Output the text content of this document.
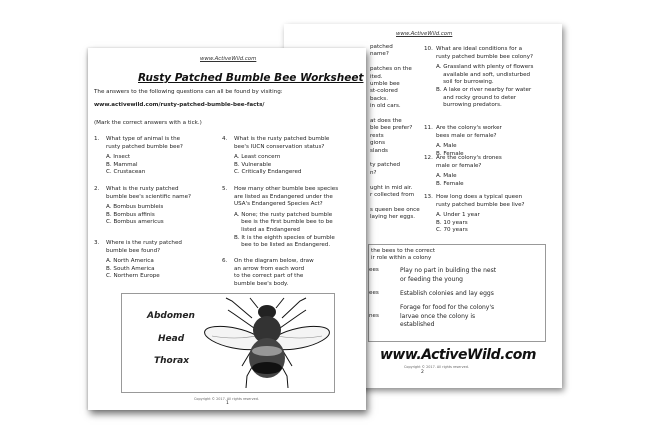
www.ActiveWild.com
patched
name?
patches on the
ited.
umble bee
st-colored
backs.
in old cars.
at does the
ble bee prefer?
rests
gions
slands
ty patched
n?
ught in mid air.
r collected from
s queen bee once
laying her eggs.
10. What are ideal conditions for a
rusty patched bumble bee colony?
A. Grassland with plenty of flowers
available and soft, undisturbed
soil for burrowing.
B. A lake or river nearby for water
and rocky ground to deter
burrowing predators.
11. Are the colony's worker
bees male or female?
A. Male
B. Female
12. Are the colony's drones
male or female?
A. Male
B. Female
13. How long does a typical queen
rusty patched bumble bee live?
A. Under 1 year
B. 10 years
C. 70 years
the bees to the correct
ir role within a colony
ees
ees
nes
Play no part in building the nest
or feeding the young
Establish colonies and lay eggs
Forage for food for the colony's
larvae once the colony is
established
www.ActiveWild.com
Copyright © 2017. All rights reserved.
2
www.ActiveWild.com
Rusty Patched Bumble Bee Worksheet
The answers to the following questions can all be found by visiting:
www.activewild.com/rusty-patched-bumble-bee-facts/
(Mark the correct answers with a tick.)
1. What type of animal is the
rusty patched bumble bee?
A. Insect
B. Mammal
C. Crustacean
2. What is the rusty patched
bumble bee's scientific name?
A. Bombus bumbleis
B. Bombus affinis
C. Bombus americus
3. Where is the rusty patched
bumble bee found?
A. North America
B. South America
C. Northern Europe
4. What is the rusty patched bumble
bee's IUCN conservation status?
A. Least concern
B. Vulnerable
C. Critically Endangered
5. How many other bumble bee species
are listed as Endangered under the
USA's Endangered Species Act?
A. None; the rusty patched bumble
bee is the first bumble bee to be
listed as Endangered
B. It is the eighth species of bumble
bee to be listed as Endangered.
6. On the diagram below, draw
an arrow from each word
to the correct part of the
bumble bee's body.
Abdomen
Head
Thorax
Copyright © 2017. All rights reserved.
1
